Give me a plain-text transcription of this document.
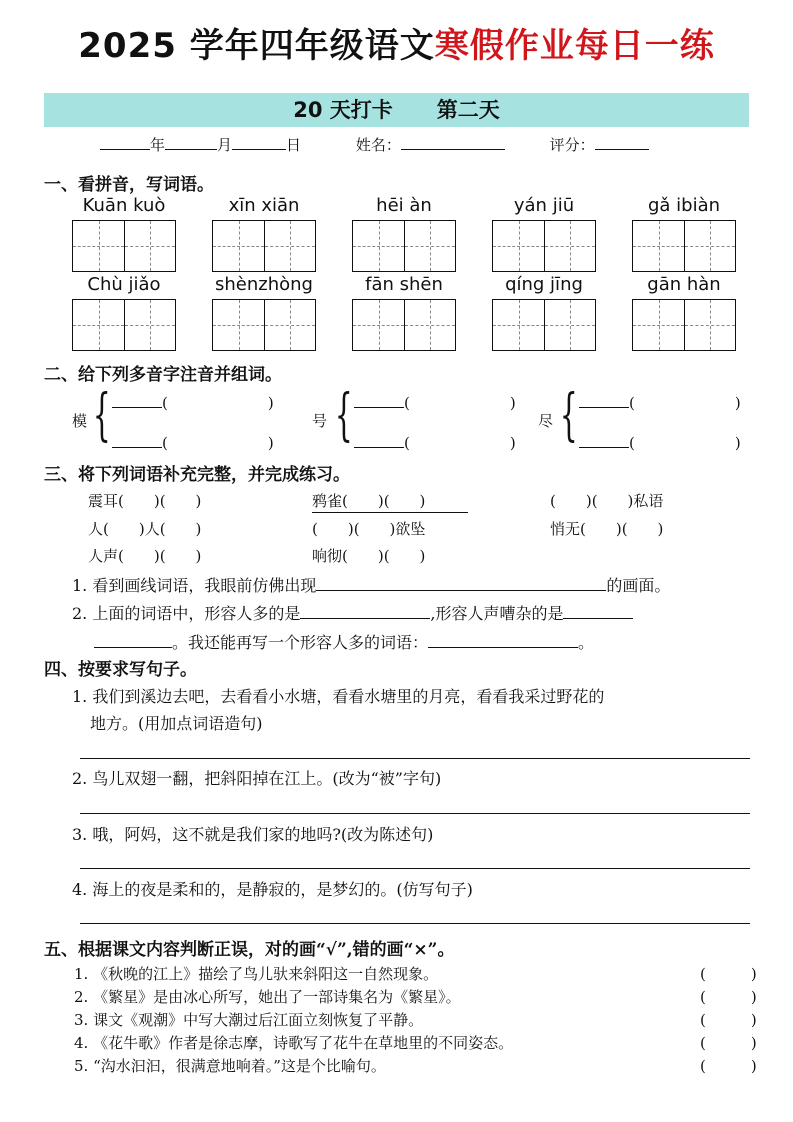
2025 学年四年级语文寒假作业每日一练
20 天打卡 第二天
年	月	日	姓名：	评分：
一、看拼音，写词语。
Kuān kuò	xīn xiān	hēi àn	yán jiū	gǎ ibiàn
Chù jiǎo	shènzhòng	fān shēn	qíng jīng	gān hàn
二、给下列多音字注音并组词。
模 {	(	)
(	)
号 {	(	)
(	)
尽 {	(	)
(	)
三、将下列词语补充完整，并完成练习。
震耳(　　)(　　)	鸦雀(　　)(　　)	(　　)(　　)私语
人(　　)人(　　)	(　　)(　　)欲坠	悄无(　　)(　　)
人声(　　)(　　)	响彻(　　)(　　)
1. 看到画线词语，我眼前仿佛出现	的画面。
2. 上面的词语中，形容人多的是	,形容人声嘈杂的是
。我还能再写一个形容人多的词语：	。
四、按要求写句子。
1. 我们到溪边去吧，去看看小水塘，看看水塘里的月亮，看看我采过野花的
地方。(用加点词语造句)
2. 鸟儿双翅一翻，把斜阳掉在江上。(改为“被”字句)
3. 哦，阿妈，这不就是我们家的地吗?(改为陈述句)
4. 海上的夜是柔和的，是静寂的，是梦幻的。(仿写句子)
五、根据课文内容判断正误，对的画“√”,错的画“×”。
1. 《秋晚的江上》描绘了鸟儿驮来斜阳这一自然现象。	(　　　)
2. 《繁星》是由冰心所写，她出了一部诗集名为《繁星》。	(　　　)
3. 课文《观潮》中写大潮过后江面立刻恢复了平静。	(　　　)
4. 《花牛歌》作者是徐志摩，诗歌写了花牛在草地里的不同姿态。	(　　　)
5. “沟水汩汩，很满意地响着。”这是个比喻句。	(　　　)
